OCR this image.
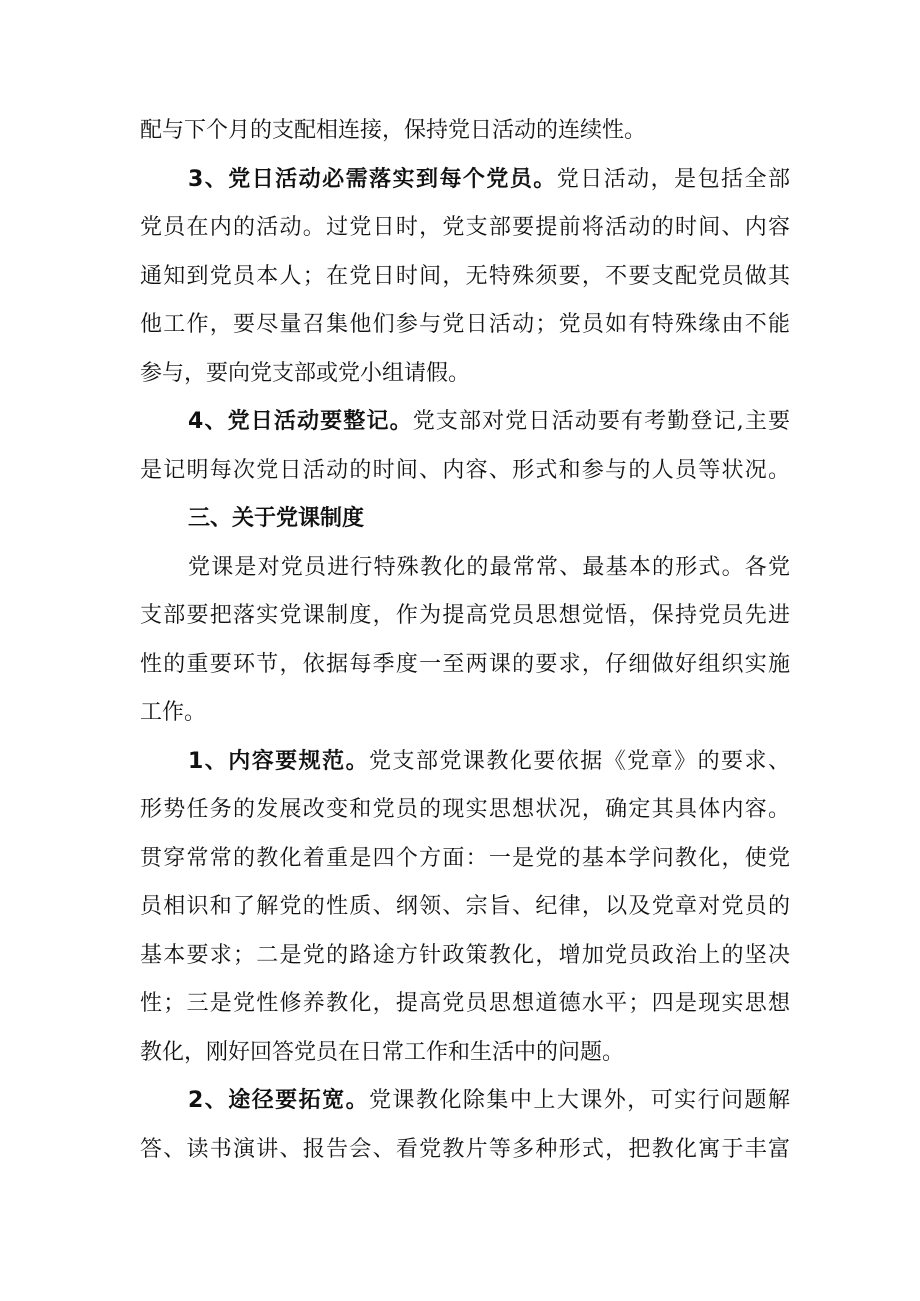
配与下个月的支配相连接，保持党日活动的连续性。
3、党日活动必需落实到每个党员。党日活动，是包括全部
党员在内的活动。过党日时，党支部要提前将活动的时间、内容
通知到党员本人；在党日时间，无特殊须要，不要支配党员做其
他工作，要尽量召集他们参与党日活动；党员如有特殊缘由不能
参与，要向党支部或党小组请假。
4、党日活动要整记。党支部对党日活动要有考勤登记,主要
是记明每次党日活动的时间、内容、形式和参与的人员等状况。
三、关于党课制度
党课是对党员进行特殊教化的最常常、最基本的形式。各党
支部要把落实党课制度，作为提高党员思想觉悟，保持党员先进
性的重要环节，依据每季度一至两课的要求，仔细做好组织实施
工作。
1、内容要规范。党支部党课教化要依据《党章》的要求、
形势任务的发展改变和党员的现实思想状况，确定其具体内容。
贯穿常常的教化着重是四个方面：一是党的基本学问教化，使党
员相识和了解党的性质、纲领、宗旨、纪律，以及党章对党员的
基本要求；二是党的路途方针政策教化，增加党员政治上的坚决
性；三是党性修养教化，提高党员思想道德水平；四是现实思想
教化，刚好回答党员在日常工作和生活中的问题。
2、途径要拓宽。党课教化除集中上大课外，可实行问题解
答、读书演讲、报告会、看党教片等多种形式，把教化寓于丰富
